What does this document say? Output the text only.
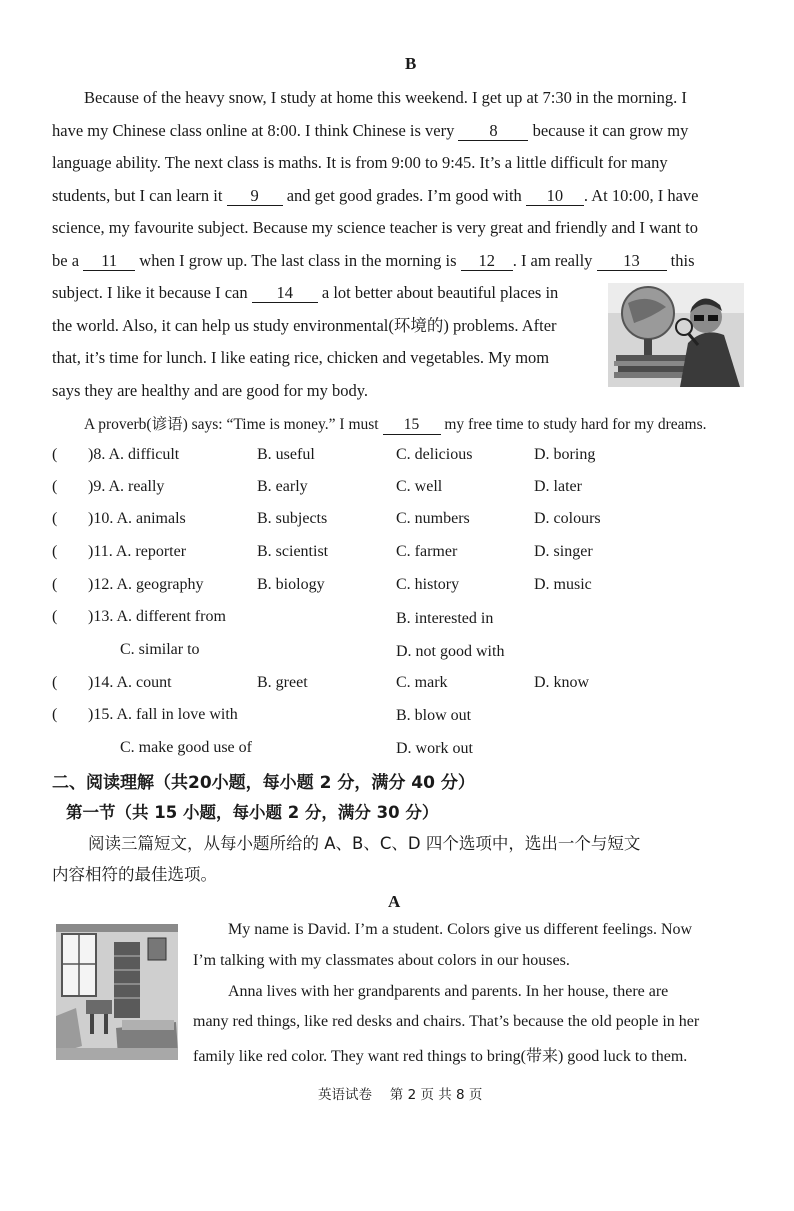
B
Because of the heavy snow, I study at home this weekend. I get up at 7:30 in the morning. I
have my Chinese class online at 8:00. I think Chinese is very 8 because it can grow my
language ability. The next class is maths. It is from 9:00 to 9:45. It’s a little difficult for many
students, but I can learn it 9 and get good grades. I’m good with 10 . At 10:00, I have
science, my favourite subject. Because my science teacher is very great and friendly and I want to
be a 11 when I grow up. The last class in the morning is 12 . I am really 13 this
subject. I like it because I can 14 a lot better about beautiful places in
the world. Also, it can help us study environmental(环境的) problems. After
that, it’s time for lunch. I like eating rice, chicken and vegetables. My mom
says they are healthy and are good for my body.
A proverb(谚语) says: “Time is money.” I must 15 my free time to study hard for my dreams.
( )8. A. difficult	B. useful	C. delicious	D. boring
( )9. A. really	B. early	C. well	D. later
( )10. A. animals	B. subjects	C. numbers	D. colours
( )11. A. reporter	B. scientist	C. farmer	D. singer
( )12. A. geography	B. biology	C. history	D. music
( )13. A. different from	B. interested in
C. similar to	D. not good with
( )14. A. count	B. greet	C. mark	D. know
( )15. A. fall in love with	B. blow out
C. make good use of	D. work out
二、阅读理解（共20小题，每小题 2 分，满分 40 分）
第一节（共 15 小题，每小题 2 分，满分 30 分）
阅读三篇短文，从每小题所给的 A、B、C、D 四个选项中，选出一个与短文
内容相符的最佳选项。
A
My name is David. I’m a student. Colors give us different feelings. Now
I’m talking with my classmates about colors in our houses.
Anna lives with her grandparents and parents. In her house, there are
many red things, like red desks and chairs. That’s because the old people in her
family like red color. They want red things to bring(带来) good luck to them.
英语试卷　 第 2 页 共 8 页
